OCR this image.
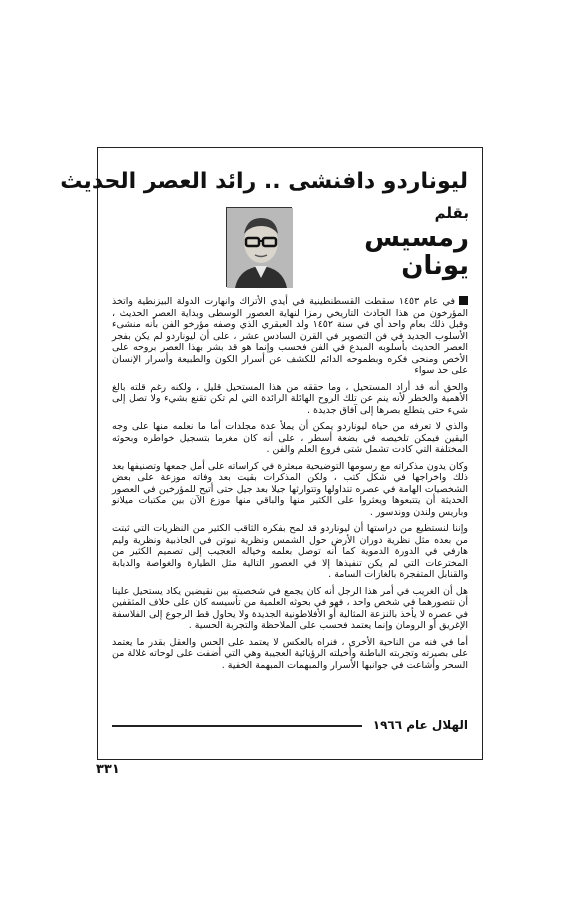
ليوناردو دافنشى .. رائد العصر الحديث
بقلم
رمسيس
يونان

في عام ١٤٥٣ سقطت القسطنطينية في أيدي الأتراك وانهارت الدولة البيزنطية واتخذ المؤرخون من هذا الحادث التاريخي رمزا لنهاية العصور الوسطى وبداية العصر الحديث ، وقبل ذلك بعام واحد أي في سنة ١٤٥٢ ولد العبقري الذي وصفه مؤرخو الفن بأنه منشىء الأسلوب الجديد في فن التصوير في القرن السادس عشر ، على أن ليوناردو لم يكن بفجر العصر الحديث بأسلوبه المبدع في الفن فحسب وإنما هو قد بشر بهذا العصر بروحه على الأخص ومنحى فكره وبطموحه الدائم للكشف عن أسرار الكون والطبيعة وأسرار الإنسان على حد سواء

والحق أنه قد أراد المستحيل ، وما حققه من هذا المستحيل قليل ، ولكنه رغم قلته بالغ الأهمية والخطر لأنه ينم عن تلك الروح الهائلة الرائدة التي لم تكن تقنع بشيء ولا تصل إلى شيء حتى يتطلع بصرها إلى آفاق جديدة .

والذي لا تعرفه من حياة ليوناردو يمكن أن يملأ عدة مجلدات أما ما نعلمه منها على وجه اليقين فيمكن تلخيصه في بضعة أسطر ، على أنه كان مغرما بتسجيل خواطره وبحوثه المختلفة التي كادت تشمل شتى فروع العلم والفن .

وكان يدون مذكراته مع رسومها التوضيحية مبعثرة في كراساته على أمل جمعها وتصنيفها بعد ذلك واخراجها في شكل كتب ، ولكن المذكرات بقيت بعد وفاته موزعة على بعض الشخصيات الهامة في عصره تتداولها وتتوارثها جيلا بعد جيل حتى أتيح للمؤرخين في العصور الحديثة أن يتتبعوها ويعثروا على الكثير منها والباقي منها موزع الآن بين مكتبات ميلانو وباريس ولندن ووندسور .

وإننا لنستطيع من دراستها أن ليوناردو قد لمح بفكره الثاقب الكثير من النظريات التي ثبتت من بعده مثل نظرية دوران الأرض حول الشمس ونظرية نيوتن في الجاذبية ونظرية وليم هارفي في الدورة الدموية كما أنه توصل بعلمه وخياله العجيب إلى تصميم الكثير من المخترعات التي لم يكن تنفيذها إلا في العصور التالية مثل الطيارة والغواصة والدبابة والقنابل المتفجرة بالغازات السامة .

هل أن الغريب في أمر هذا الرجل أنه كان يجمع في شخصيته بين نقيضين يكاد يستحيل علينا أن نتصورهما في شخص واحد ، فهو في بحوثه العلمية من تأسيسه كان على خلاف المثقفين في عصره لا يأخذ بالنزعة المثالية أو الأفلاطونية الجديدة ولا يحاول قط الرجوع إلى الفلاسفة الإغريق أو الرومان وإنما يعتمد فحسب على الملاحظة والتجربة الحسية .

أما في فنه من الناحية الأخرى ، فنراه بالعكس لا يعتمد على الحس والعقل بقدر ما يعتمد على بصيرته وتجربته الباطنة وأخيلته الرؤيائية العجيبة وهي التي أضفت على لوحاته غلالة من السحر وأشاعت في جوانبها الأسرار والمبهمات المبهمة الخفية .

الهلال عام ١٩٦٦
٣٣١
